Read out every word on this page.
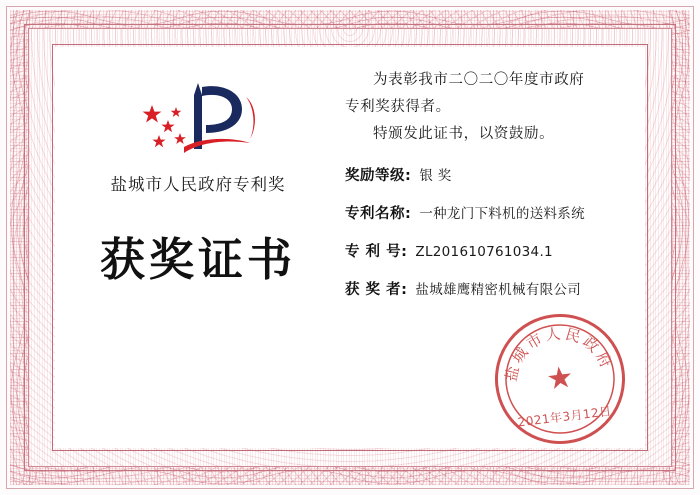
盐城市人民政府专利奖
获奖证书
为表彰我市二〇二〇年度市政府
专利奖获得者。
特颁发此证书，以资鼓励。
奖励等级: 银 奖
专利名称: 一种龙门下料机的送料系统
专 利 号: ZL201610761034.1
获 奖 者: 盐城雄鹰精密机械有限公司
盐城市人民政府
★
2021年3月12日
